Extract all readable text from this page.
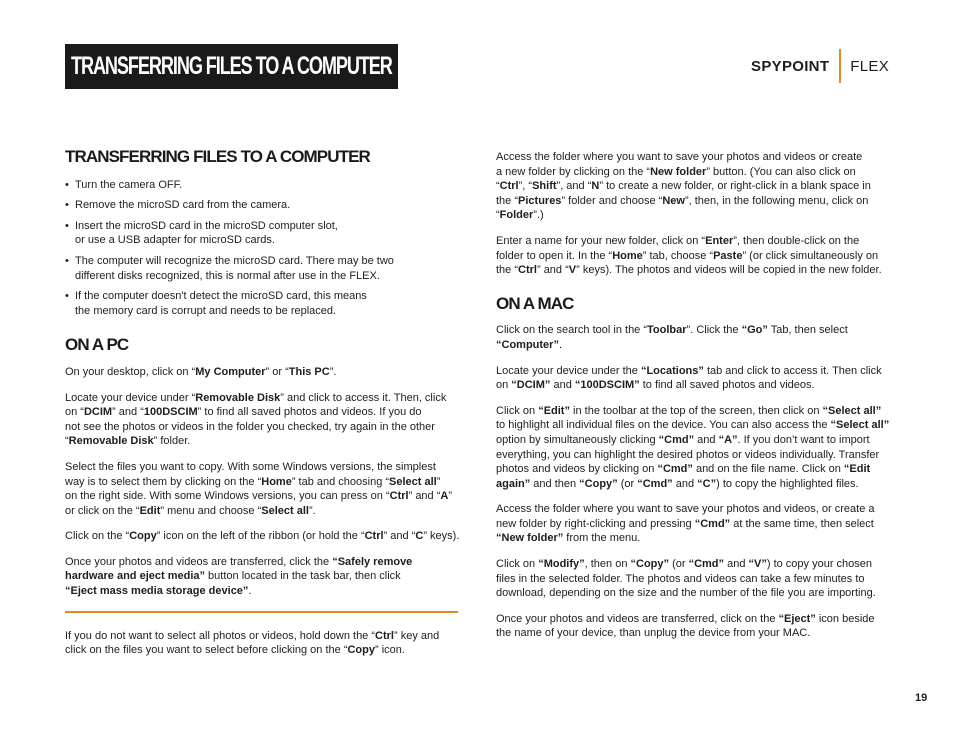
TRANSFERRING FILES TO A COMPUTER	SPYPOINT FLEX
TRANSFERRING FILES TO A COMPUTER
• Turn the camera OFF.
• Remove the microSD card from the camera.
• Insert the microSD card in the microSD computer slot,
or use a USB adapter for microSD cards.
• The computer will recognize the microSD card. There may be two
different disks recognized, this is normal after use in the FLEX.
• If the computer doesn't detect the microSD card, this means
the memory card is corrupt and needs to be replaced.
ON A PC

On your desktop, click on “My Computer” or “This PC”.

Locate your device under “Removable Disk” and click to access it. Then, click
on “DCIM” and “100DSCIM” to find all saved photos and videos. If you do
not see the photos or videos in the folder you checked, try again in the other
“Removable Disk” folder.

Select the files you want to copy. With some Windows versions, the simplest
way is to select them by clicking on the “Home” tab and choosing “Select all”
on the right side. With some Windows versions, you can press on “Ctrl” and “A”
or click on the “Edit” menu and choose “Select all”.

Click on the “Copy” icon on the left of the ribbon (or hold the “Ctrl” and “C” keys).

Once your photos and videos are transferred, click the “Safely remove
hardware and eject media” button located in the task bar, then click
“Eject mass media storage device”.

If you do not want to select all photos or videos, hold down the “Ctrl” key and
click on the files you want to select before clicking on the “Copy” icon.

Access the folder where you want to save your photos and videos or create
a new folder by clicking on the “New folder” button. (You can also click on
“Ctrl”, “Shift”, and “N” to create a new folder, or right-click in a blank space in
the “Pictures” folder and choose “New”, then, in the following menu, click on
“Folder”.)

Enter a name for your new folder, click on “Enter”, then double-click on the
folder to open it. In the “Home” tab, choose “Paste” (or click simultaneously on
the “Ctrl” and “V” keys). The photos and videos will be copied in the new folder.

ON A MAC

Click on the search tool in the “Toolbar”. Click the “Go” Tab, then select
“Computer”.

Locate your device under the “Locations” tab and click to access it. Then click
on “DCIM” and “100DSCIM” to find all saved photos and videos.

Click on “Edit” in the toolbar at the top of the screen, then click on “Select all”
to highlight all individual files on the device. You can also access the “Select all”
option by simultaneously clicking “Cmd” and “A”. If you don’t want to import
everything, you can highlight the desired photos or videos individually. Transfer
photos and videos by clicking on “Cmd” and on the file name. Click on “Edit
again” and then “Copy” (or “Cmd” and “C”) to copy the highlighted files.

Access the folder where you want to save your photos and videos, or create a
new folder by right-clicking and pressing “Cmd” at the same time, then select
“New folder” from the menu.

Click on “Modify”, then on “Copy” (or “Cmd” and “V”) to copy your chosen
files in the selected folder. The photos and videos can take a few minutes to
download, depending on the size and the number of the file you are importing.

Once your photos and videos are transferred, click on the “Eject” icon beside
the name of your device, than unplug the device from your MAC.

19
